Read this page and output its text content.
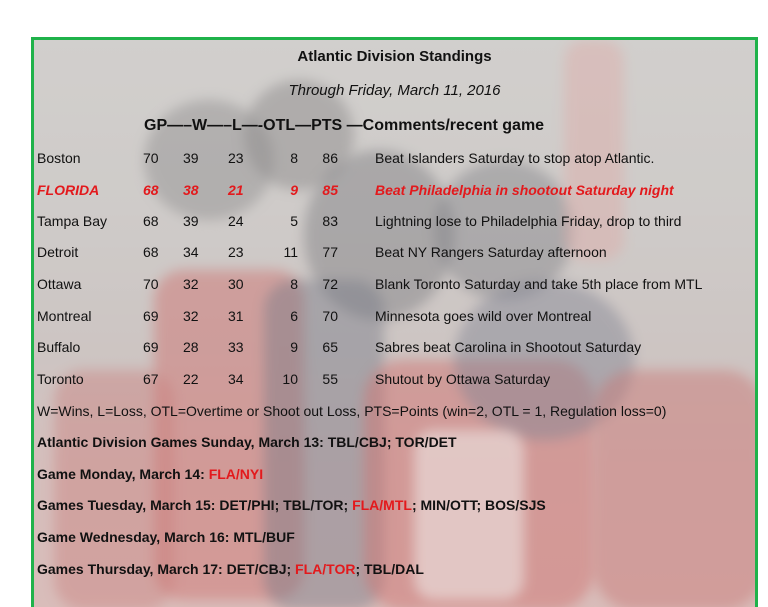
Atlantic Division Standings
Through Friday, March 11, 2016
GP—–W—–L—-OTL—PTS —Comments/recent game
Boston	70 39 23	8	86	Beat Islanders Saturday to stop atop Atlantic.
FLORIDA	68 38 21	9	85	Beat Philadelphia in shootout Saturday night
Tampa Bay	68 39 24	5	83	Lightning lose to Philadelphia Friday, drop to third
Detroit	68 34 23	11	77	Beat NY Rangers Saturday afternoon
Ottawa	70 32 30	8	72	Blank Toronto Saturday and take 5th place from MTL
Montreal	69 32 31	6	70	Minnesota goes wild over Montreal
Buffalo	69 28 33	9	65	Sabres beat Carolina in Shootout Saturday
Toronto	67 22 34	10	55	Shutout by Ottawa Saturday
W=Wins, L=Loss, OTL=Overtime or Shoot out Loss, PTS=Points (win=2, OTL = 1, Regulation loss=0)
Atlantic Division Games Sunday, March 13: TBL/CBJ; TOR/DET
Game Monday, March 14: FLA/NYI
Games Tuesday, March 15: DET/PHI; TBL/TOR; FLA/MTL; MIN/OTT; BOS/SJS
Game Wednesday, March 16: MTL/BUF
Games Thursday, March 17: DET/CBJ; FLA/TOR; TBL/DAL
